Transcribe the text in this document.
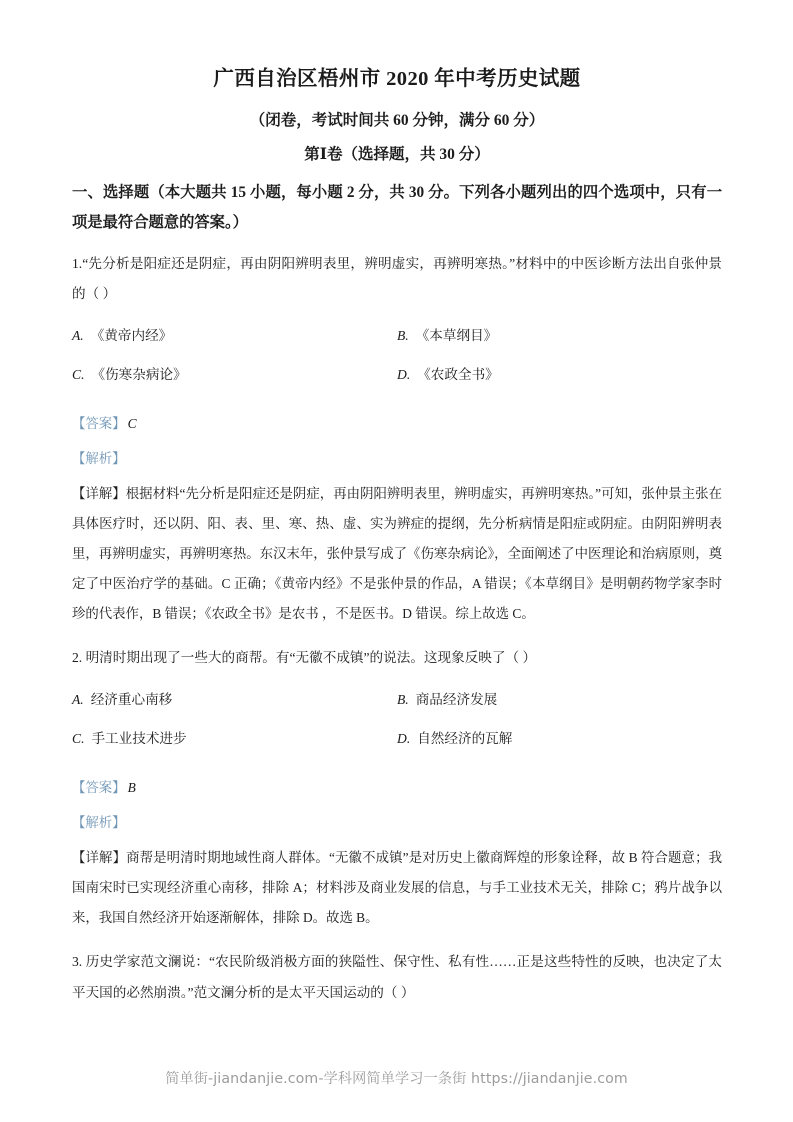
广西自治区梧州市 2020 年中考历史试题
（闭卷，考试时间共 60 分钟，满分 60 分）
第Ⅰ卷（选择题，共 30 分）
一、选择题（本大题共 15 小题，每小题 2 分，共 30 分。下列各小题列出的四个选项中，只有一项是最符合题意的答案。）
1.“先分析是阳症还是阴症，再由阴阳辨明表里，辨明虚实，再辨明寒热。”材料中的中医诊断方法出自张仲景的（ ）
A. 《黄帝内经》	B. 《本草纲目》
C. 《伤寒杂病论》	D. 《农政全书》
【答案】 C
【解析】
【详解】根据材料“先分析是阳症还是阴症，再由阴阳辨明表里，辨明虚实，再辨明寒热。”可知，张仲景主张在具体医疗时，还以阴、阳、表、里、寒、热、虚、实为辨症的提纲，先分析病情是阳症或阴症。由阴阳辨明表里，再辨明虚实，再辨明寒热。东汉末年，张仲景写成了《伤寒杂病论》，全面阐述了中医理论和治病原则，奠定了中医治疗学的基础。C 正确；《黄帝内经》不是张仲景的作品，A 错误；《本草纲目》是明朝药物学家李时珍的代表作，B 错误；《农政全书》是农书 ，不是医书。D 错误。综上故选 C。
2. 明清时期出现了一些大的商帮。有“无徽不成镇”的说法。这现象反映了（ ）
A. 经济重心南移	B. 商品经济发展
C. 手工业技术进步	D. 自然经济的瓦解
【答案】 B
【解析】
【详解】商帮是明清时期地域性商人群体。“无徽不成镇”是对历史上徽商辉煌的形象诠释，故 B 符合题意；我国南宋时已实现经济重心南移，排除 A；材料涉及商业发展的信息，与手工业技术无关，排除 C；鸦片战争以来，我国自然经济开始逐渐解体，排除 D。故选 B。
3. 历史学家范文澜说：“农民阶级消极方面的狭隘性、保守性、私有性……正是这些特性的反映，也决定了太平天国的必然崩溃。”范文澜分析的是太平天国运动的（ ）
简单街-jiandanjie.com-学科网简单学习一条街 https://jiandanjie.com
